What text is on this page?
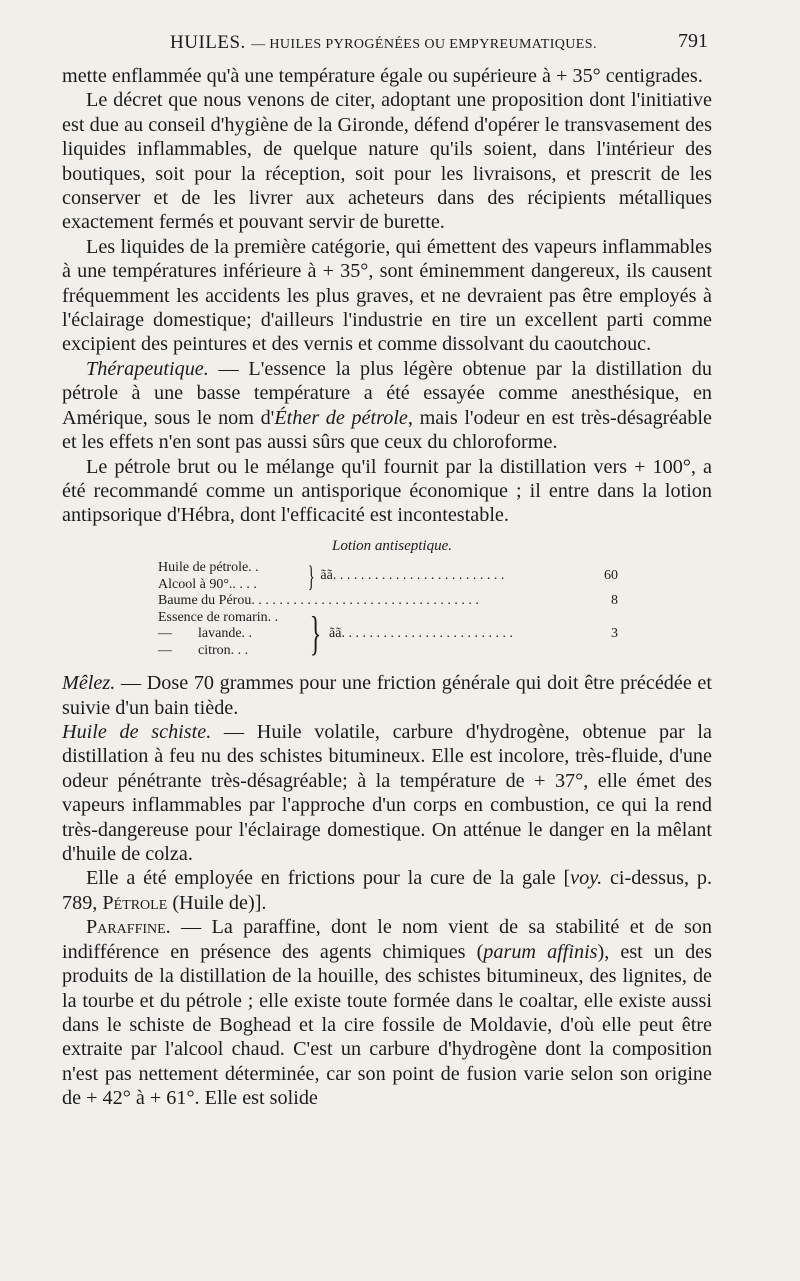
HUILES. — HUILES PYROGÉNÉES OU EMPYREUMATIQUES.	791

mette enflammée qu'à une température égale ou supérieure à + 35° centigrades.

Le décret que nous venons de citer, adoptant une proposition dont l'initiative est due au conseil d'hygiène de la Gironde, défend d'opérer le transvasement des liquides inflammables, de quelque nature qu'ils soient, dans l'intérieur des boutiques, soit pour la réception, soit pour les livraisons, et prescrit de les conserver et de les livrer aux acheteurs dans des récipients métalliques exactement fermés et pouvant servir de burette.

Les liquides de la première catégorie, qui émettent des vapeurs inflammables à une températures inférieure à + 35°, sont éminemment dangereux, ils causent fréquemment les accidents les plus graves, et ne devraient pas être employés à l'éclairage domestique; d'ailleurs l'industrie en tire un excellent parti comme excipient des peintures et des vernis et comme dissolvant du caoutchouc.

Thérapeutique. — L'essence la plus légère obtenue par la distillation du pétrole à une basse température a été essayée comme anesthésique, en Amérique, sous le nom d'Éther de pétrole, mais l'odeur en est très-désagréable et les effets n'en sont pas aussi sûrs que ceux du chloroforme.

Le pétrole brut ou le mélange qu'il fournit par la distillation vers + 100°, a été recommandé comme un antisporique économique ; il entre dans la lotion antipsorique d'Hébra, dont l'efficacité est incontestable.

Lotion antiseptique.
Huile de pétrole. .
Alcool à 90°.. . . .	} ãã. . . . . . . . . . . . . . . . . . . . . . . . .	60
Baume du Pérou. . . . . . . . . . . . . . . . . . . . . . . . . . . . . . . . .	8
Essence de romarin. .
— lavande. .
— citron. . .	} ãã. . . . . . . . . . . . . . . . . . . . . . . . .	3

Mêlez. — Dose 70 grammes pour une friction générale qui doit être précédée et suivie d'un bain tiède.

Huile de schiste. — Huile volatile, carbure d'hydrogène, obtenue par la distillation à feu nu des schistes bitumineux. Elle est incolore, très-fluide, d'une odeur pénétrante très-désagréable; à la température de + 37°, elle émet des vapeurs inflammables par l'approche d'un corps en combustion, ce qui la rend très-dangereuse pour l'éclairage domestique. On atténue le danger en la mêlant d'huile de colza.

Elle a été employée en frictions pour la cure de la gale [voy. ci-dessus, p. 789, Pétrole (Huile de)].

Paraffine. — La paraffine, dont le nom vient de sa stabilité et de son indifférence en présence des agents chimiques (parum affinis), est un des produits de la distillation de la houille, des schistes bitumineux, des lignites, de la tourbe et du pétrole ; elle existe toute formée dans le coaltar, elle existe aussi dans le schiste de Boghead et la cire fossile de Moldavie, d'où elle peut être extraite par l'alcool chaud. C'est un carbure d'hydrogène dont la composition n'est pas nettement déterminée, car son point de fusion varie selon son origine de + 42° à + 61°. Elle est solide
